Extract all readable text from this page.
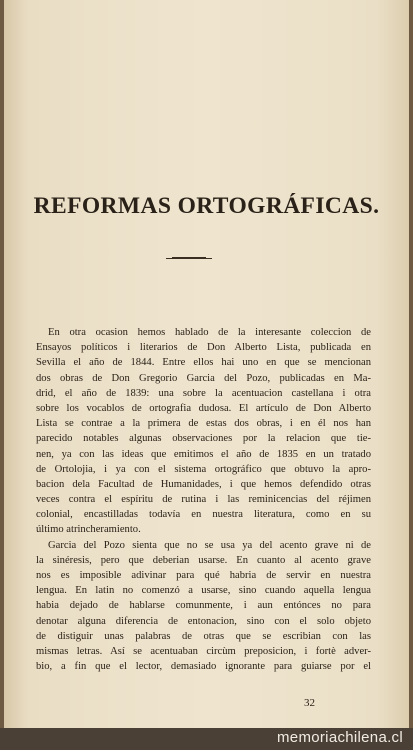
REFORMAS ORTOGRÁFICAS.
En otra ocasion hemos hablado de la interesante coleccion de
Ensayos políticos i literarios de Don Alberto Lista, publicada en
Sevilla el año de 1844. Entre ellos hai uno en que se mencionan
dos obras de Don Gregorio Garcia del Pozo, publicadas en Ma-
drid, el año de 1839: una sobre la acentuacion castellana i otra
sobre los vocablos de ortografia dudosa. El artículo de Don Alberto
Lista se contrae a la primera de estas dos obras, i en él nos han
parecido notables algunas observaciones por la relacion que tie-
nen, ya con las ideas que emitimos el año de 1835 en un tratado
de Ortolojia, i ya con el sistema ortográfico que obtuvo la apro-
bacion dela Facultad de Humanidades, i que hemos defendido otras
veces contra el espíritu de rutina i las reminicencias del réjimen
colonial, encastilladas todavía en nuestra literatura, como en su
último atrincheramiento.
Garcia del Pozo sienta que no se usa ya del acento grave ni de
la sinéresis, pero que deberian usarse. En cuanto al acento grave
nos es imposible adivinar para qué habria de servir en nuestra
lengua. En latin no comenzó a usarse, sino cuando aquella lengua
habia dejado de hablarse comunmente, i aun entónces no para
denotar alguna diferencia de entonacion, sino con el solo objeto
de distiguir unas palabras de otras que se escribian con las
mismas letras. Así se acentuaban circùm preposicion, i fortè adver-
bio, a fin que el lector, demasiado ignorante para guiarse por el
32
memoriachilena.cl
